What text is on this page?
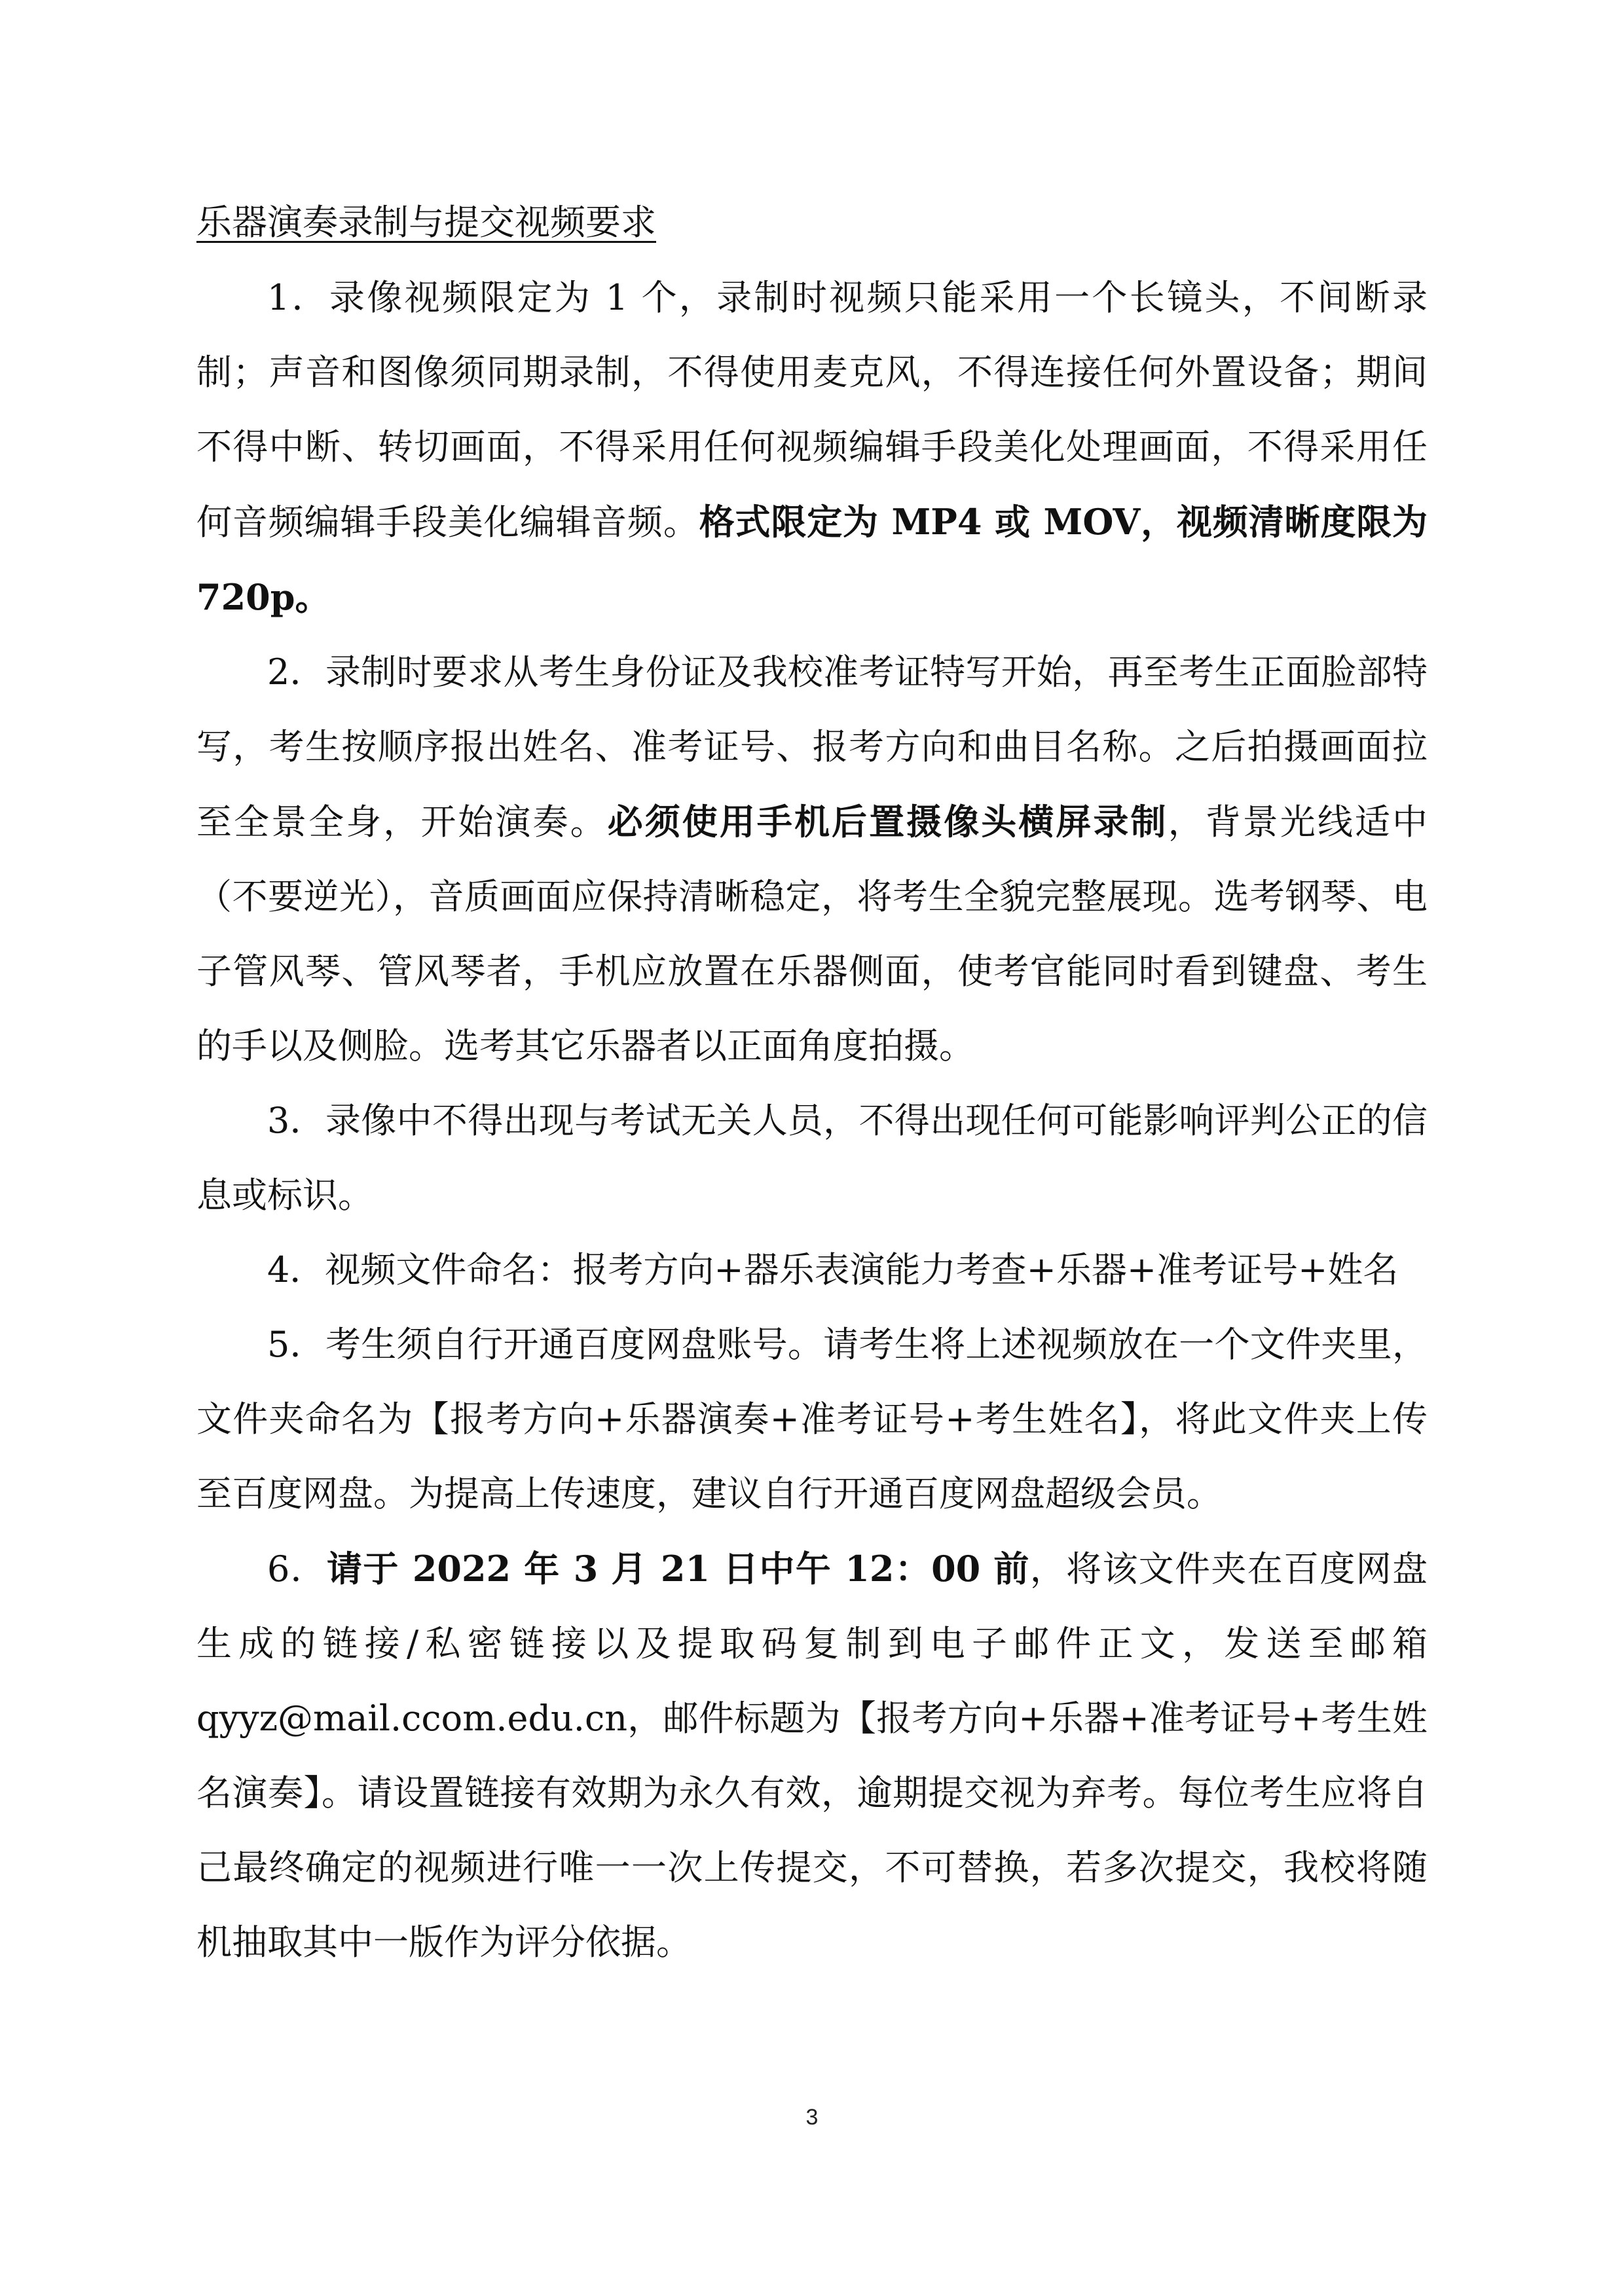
乐器演奏录制与提交视频要求

1．录像视频限定为 1 个，录制时视频只能采用一个长镜头，不间断录制；声音和图像须同期录制，不得使用麦克风，不得连接任何外置设备；期间不得中断、转切画面，不得采用任何视频编辑手段美化处理画面，不得采用任何音频编辑手段美化编辑音频。格式限定为 MP4 或 MOV，视频清晰度限为 720p。

2．录制时要求从考生身份证及我校准考证特写开始，再至考生正面脸部特写，考生按顺序报出姓名、准考证号、报考方向和曲目名称。之后拍摄画面拉至全景全身，开始演奏。必须使用手机后置摄像头横屏录制，背景光线适中（不要逆光），音质画面应保持清晰稳定，将考生全貌完整展现。选考钢琴、电子管风琴、管风琴者，手机应放置在乐器侧面，使考官能同时看到键盘、考生的手以及侧脸。选考其它乐器者以正面角度拍摄。

3．录像中不得出现与考试无关人员，不得出现任何可能影响评判公正的信息或标识。

4．视频文件命名：报考方向+器乐表演能力考查+乐器+准考证号+姓名

5．考生须自行开通百度网盘账号。请考生将上述视频放在一个文件夹里，文件夹命名为【报考方向+乐器演奏+准考证号+考生姓名】，将此文件夹上传至百度网盘。为提高上传速度，建议自行开通百度网盘超级会员。

6．请于 2022 年 3 月 21 日中午 12：00 前，将该文件夹在百度网盘生成的链接/私密链接以及提取码复制到电子邮件正文，发送至邮箱 qyyz@mail.ccom.edu.cn，邮件标题为【报考方向+乐器+准考证号+考生姓名演奏】。请设置链接有效期为永久有效，逾期提交视为弃考。每位考生应将自己最终确定的视频进行唯一一次上传提交，不可替换，若多次提交，我校将随机抽取其中一版作为评分依据。

3
